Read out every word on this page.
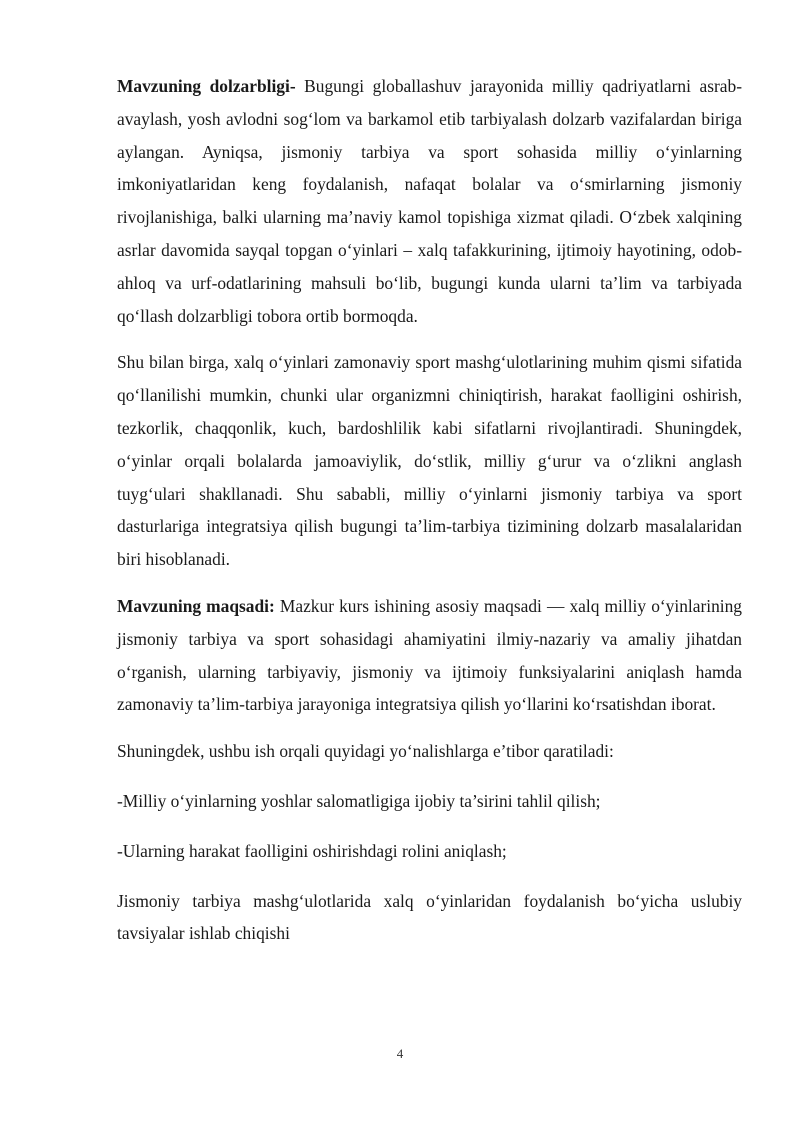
Mavzuning dolzarbligi- Bugungi globallashuv jarayonida milliy qadriyatlarni asrab-avaylash, yosh avlodni sog‘lom va barkamol etib tarbiyalash dolzarb vazifalardan biriga aylangan. Ayniqsa, jismoniy tarbiya va sport sohasida milliy o‘yinlarning imkoniyatlaridan keng foydalanish, nafaqat bolalar va o‘smirlarning jismoniy rivojlanishiga, balki ularning ma’naviy kamol topishiga xizmat qiladi. O‘zbek xalqining asrlar davomida sayqal topgan o‘yinlari – xalq tafakkurining, ijtimoiy hayotining, odob-ahloq va urf-odatlarining mahsuli bo‘lib, bugungi kunda ularni ta’lim va tarbiyada qo‘llash dolzarbligi tobora ortib bormoqda.

Shu bilan birga, xalq o‘yinlari zamonaviy sport mashg‘ulotlarining muhim qismi sifatida qo‘llanilishi mumkin, chunki ular organizmni chiniqtirish, harakat faolligini oshirish, tezkorlik, chaqqonlik, kuch, bardoshlilik kabi sifatlarni rivojlantiradi. Shuningdek, o‘yinlar orqali bolalarda jamoaviylik, do‘stlik, milliy g‘urur va o‘zlikni anglash tuyg‘ulari shakllanadi. Shu sababli, milliy o‘yinlarni jismoniy tarbiya va sport dasturlariga integratsiya qilish bugungi ta’lim-tarbiya tizimining dolzarb masalalaridan biri hisoblanadi.

Mavzuning maqsadi: Mazkur kurs ishining asosiy maqsadi — xalq milliy o‘yinlarining jismoniy tarbiya va sport sohasidagi ahamiyatini ilmiy-nazariy va amaliy jihatdan o‘rganish, ularning tarbiyaviy, jismoniy va ijtimoiy funksiyalarini aniqlash hamda zamonaviy ta’lim-tarbiya jarayoniga integratsiya qilish yo‘llarini ko‘rsatishdan iborat.

Shuningdek, ushbu ish orqali quyidagi yo‘nalishlarga e’tibor qaratiladi:

-Milliy o‘yinlarning yoshlar salomatligiga ijobiy ta’sirini tahlil qilish;

-Ularning harakat faolligini oshirishdagi rolini aniqlash;

Jismoniy tarbiya mashg‘ulotlarida xalq o‘yinlaridan foydalanish bo‘yicha uslubiy tavsiyalar ishlab chiqishi

4
